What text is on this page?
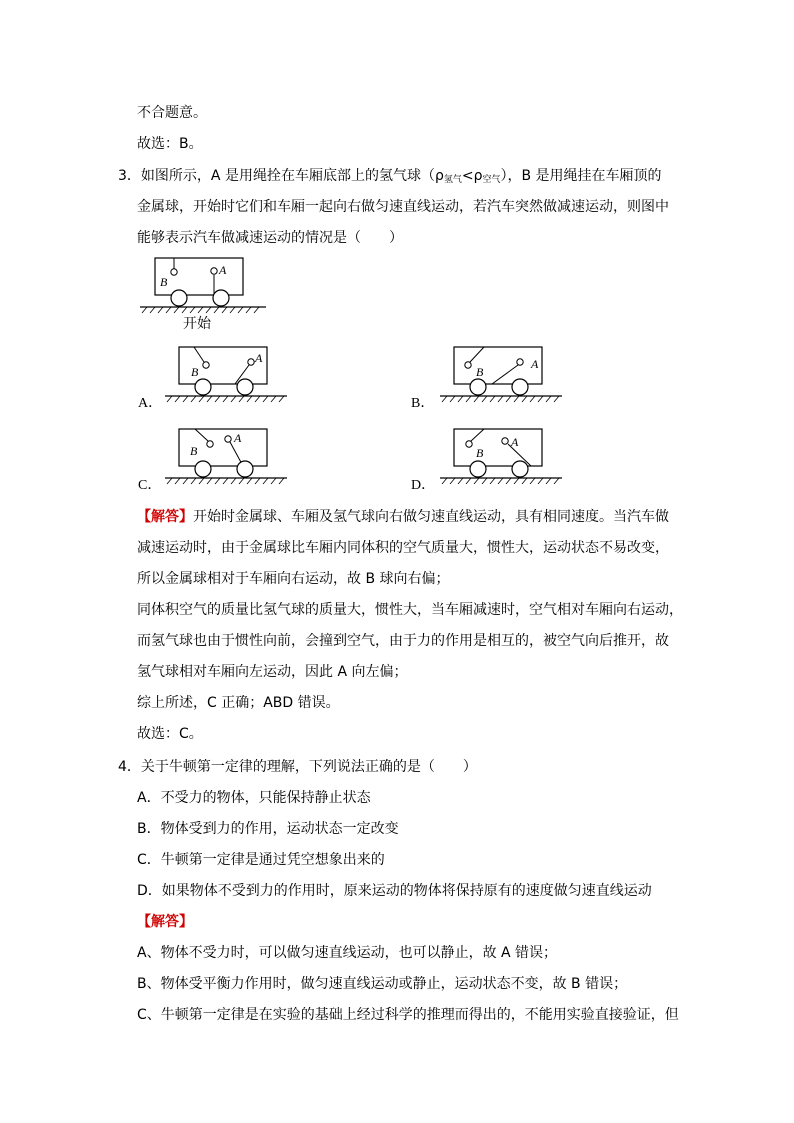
不合题意。
故选：B。
3．如图所示，A 是用绳拴在车厢底部上的氢气球$(\rho_{氢气}<\rho_{空气})$，B 是用绳挂在车厢顶的
金属球，开始时它们和车厢一起向右做匀速直线运动，若汽车突然做减速运动，则图中
能够表示汽车做减速运动的情况是（　　）
B
A
开始
A．
B
A
B．
B
A
C．
B
A
D．
B
A
【解答】开始时金属球、车厢及氢气球向右做匀速直线运动，具有相同速度。当汽车做
减速运动时，由于金属球比车厢内同体积的空气质量大，惯性大，运动状态不易改变，
所以金属球相对于车厢向右运动，故 B 球向右偏；
同体积空气的质量比氢气球的质量大，惯性大，当车厢减速时，空气相对车厢向右运动，
而氢气球也由于惯性向前，会撞到空气，由于力的作用是相互的，被空气向后推开，故
氢气球相对车厢向左运动，因此 A 向左偏；
综上所述，C 正确；ABD 错误。
故选：C。
4．关于牛顿第一定律的理解，下列说法正确的是（　　）
A．不受力的物体，只能保持静止状态
B．物体受到力的作用，运动状态一定改变
C．牛顿第一定律是通过凭空想象出来的
D．如果物体不受到力的作用时，原来运动的物体将保持原有的速度做匀速直线运动
【解答】
A、物体不受力时，可以做匀速直线运动，也可以静止，故 A 错误；
B、物体受平衡力作用时，做匀速直线运动或静止，运动状态不变，故 B 错误；
C、牛顿第一定律是在实验的基础上经过科学的推理而得出的，不能用实验直接验证，但
